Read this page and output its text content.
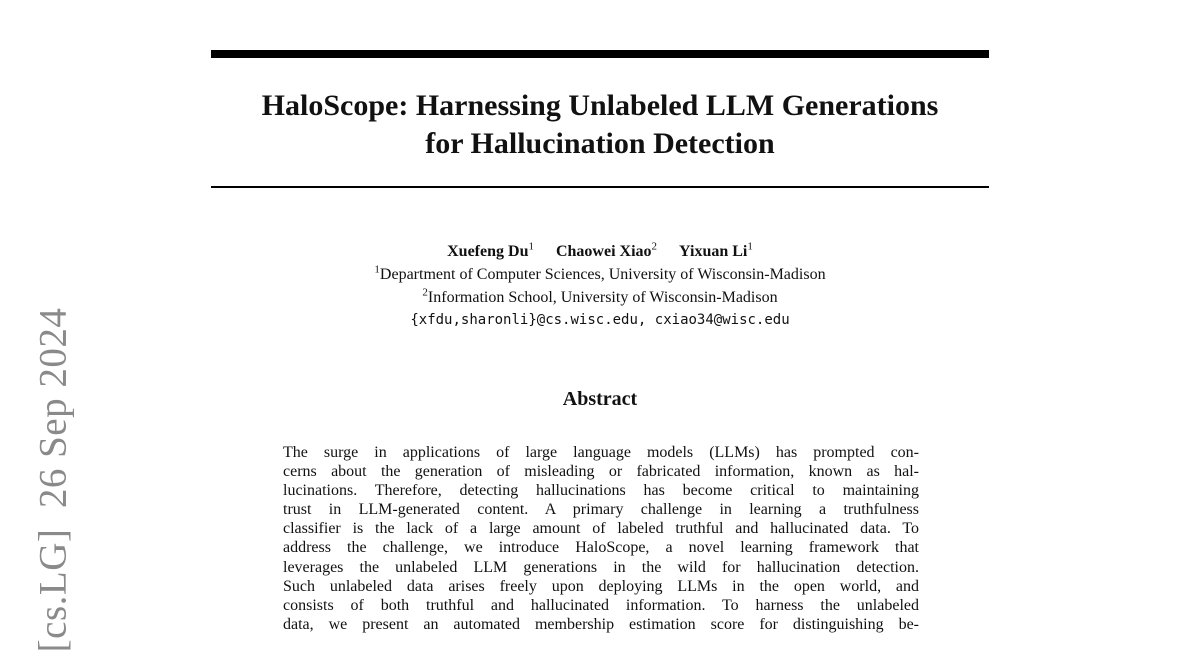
[cs.LG]  26 Sep 2024
HaloScope: Harnessing Unlabeled LLM Generations
for Hallucination Detection
Xuefeng Du$^1$ Chaowei Xiao$^2$ Yixuan Li$^1$
$^1$Department of Computer Sciences, University of Wisconsin-Madison
$^2$Information School, University of Wisconsin-Madison
{xfdu,sharonli}@cs.wisc.edu, cxiao34@wisc.edu
Abstract
The surge in applications of large language models (LLMs) has prompted con-
cerns about the generation of misleading or fabricated information, known as hal-
lucinations. Therefore, detecting hallucinations has become critical to maintaining
trust in LLM-generated content. A primary challenge in learning a truthfulness
classifier is the lack of a large amount of labeled truthful and hallucinated data. To
address the challenge, we introduce HaloScope, a novel learning framework that
leverages the unlabeled LLM generations in the wild for hallucination detection.
Such unlabeled data arises freely upon deploying LLMs in the open world, and
consists of both truthful and hallucinated information. To harness the unlabeled
data, we present an automated membership estimation score for distinguishing be-
